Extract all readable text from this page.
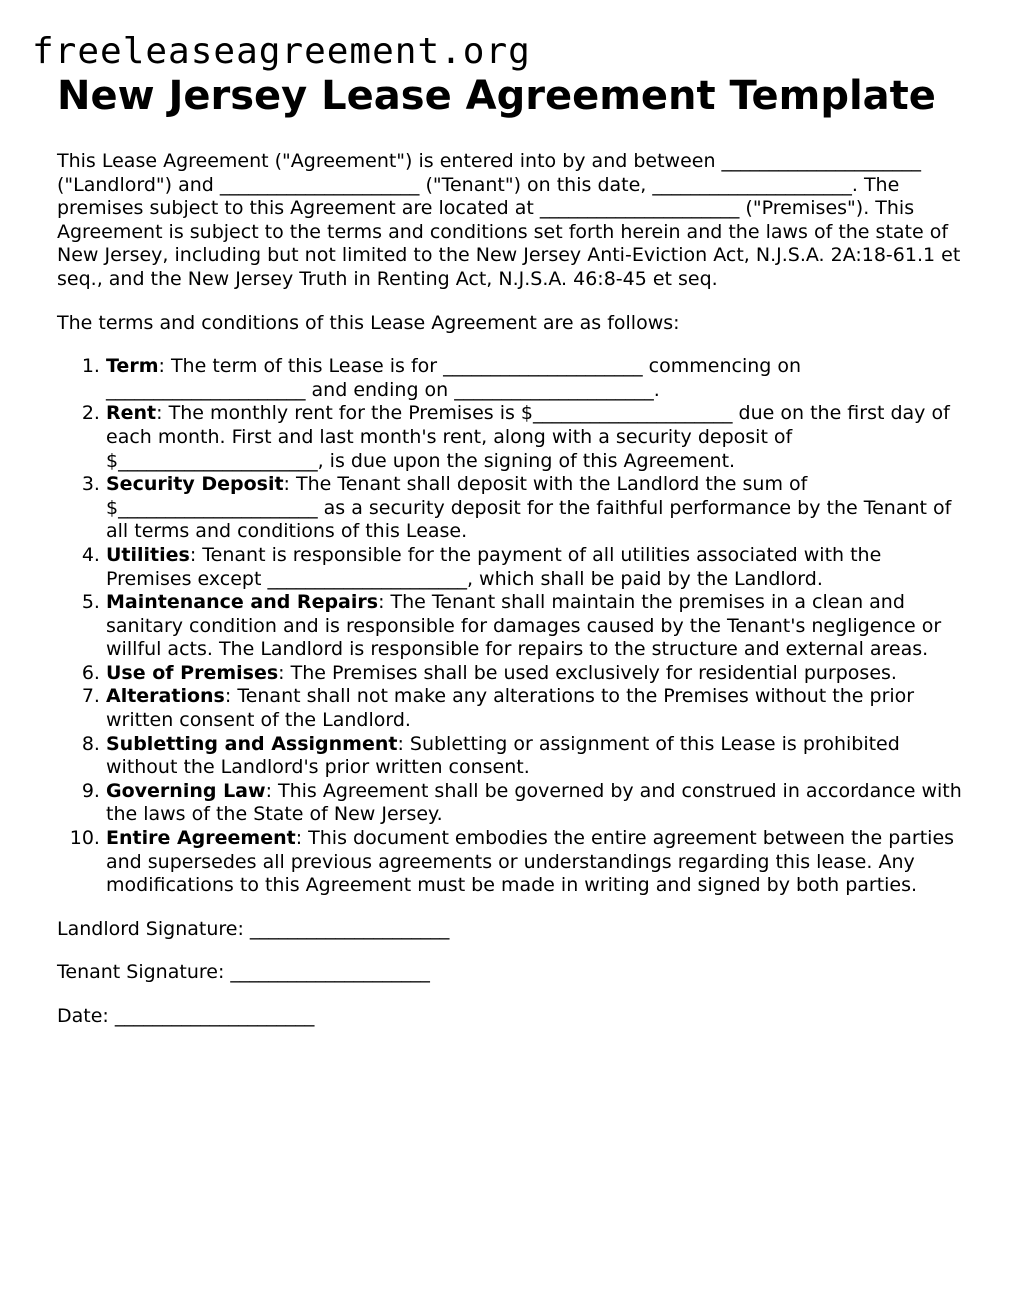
freeleaseagreement.org
New Jersey Lease Agreement Template

This Lease Agreement ("Agreement") is entered into by and between _____________________ ("Landlord") and _____________________ ("Tenant") on this date, _____________________. The premises subject to this Agreement are located at _____________________ ("Premises"). This Agreement is subject to the terms and conditions set forth herein and the laws of the state of New Jersey, including but not limited to the New Jersey Anti-Eviction Act, N.J.S.A. 2A:18-61.1 et seq., and the New Jersey Truth in Renting Act, N.J.S.A. 46:8-45 et seq.

The terms and conditions of this Lease Agreement are as follows:

1. Term: The term of this Lease is for _____________________ commencing on _____________________ and ending on _____________________.
2. Rent: The monthly rent for the Premises is $_____________________ due on the first day of each month. First and last month's rent, along with a security deposit of $_____________________, is due upon the signing of this Agreement.
3. Security Deposit: The Tenant shall deposit with the Landlord the sum of $_____________________ as a security deposit for the faithful performance by the Tenant of all terms and conditions of this Lease.
4. Utilities: Tenant is responsible for the payment of all utilities associated with the Premises except _____________________, which shall be paid by the Landlord.
5. Maintenance and Repairs: The Tenant shall maintain the premises in a clean and sanitary condition and is responsible for damages caused by the Tenant's negligence or willful acts. The Landlord is responsible for repairs to the structure and external areas.
6. Use of Premises: The Premises shall be used exclusively for residential purposes.
7. Alterations: Tenant shall not make any alterations to the Premises without the prior written consent of the Landlord.
8. Subletting and Assignment: Subletting or assignment of this Lease is prohibited without the Landlord's prior written consent.
9. Governing Law: This Agreement shall be governed by and construed in accordance with the laws of the State of New Jersey.
10. Entire Agreement: This document embodies the entire agreement between the parties and supersedes all previous agreements or understandings regarding this lease. Any modifications to this Agreement must be made in writing and signed by both parties.

Landlord Signature: _____________________

Tenant Signature: _____________________

Date: _____________________
